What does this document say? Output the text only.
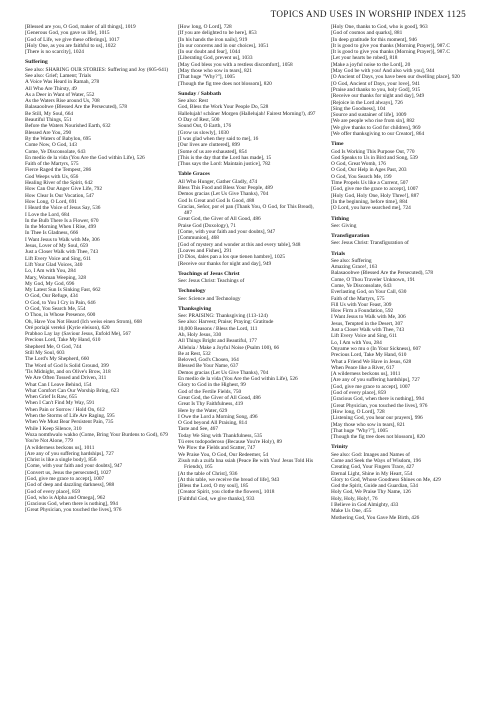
TOPICS AND USES IN WORSHIP INDEX 1125

[Blessed are you, O God, maker of all things], 1019

[Generous God, you gave us life], 1015

[God of Life, we give these offerings], 1017

[Holy One, as you are faithful to us], 1022

[There is no scarcity], 1024

Suffering

See also: SHARING OUR STORIES: Suffering and Joy (605-641)

See also: Grief; Lament; Trials

A Voice Was Heard in Ramah, 278

All Who Are Thirsty, 49

As a Deer in Want of Water, 552

As the Waters Rise around Us, 708

Balasaoobwe (Blessed Are the Persecuted), 578

Be Still, My Soul, 664

Beautiful Things, 551

Before the Waters Nourished Earth, 632

Blessed Are You, 290

By the Waters of Babylon, 695

Come Now, O God, 143

Come, Ye Disconsolate, 643

En medio de la vida (You Are the God within Life), 526

Faith of the Martyrs, 575

Fierce Raged the Tempest, 286

God Weeps with Us, 656

Healing River of the Spirit, 642

How Can Our Anger Give Life, 792

How Clear Is Our Vocation, 547

How Long, O Lord, 691

I Heard the Voice of Jesus Say, 536

I Love the Lord, 684

In the Bulb There Is a Flower, 670

In the Morning When I Rise, 499

In Thee Is Gladness, 666

I Want Jesus to Walk with Me, 306

Jesus, Lover of My Soul, 659

Just a Closer Walk with Thee, 743

Lift Every Voice and Sing, 611

Lift Your Glad Voices, 340

Lo, I Am with You, 284

Mary, Woman Weeping, 328

My God, My God, 696

My Latest Sun Is Sinking Fast, 662

O God, Our Refuge, 434

O God, to You I Cry in Pain, 646

O God, You Search Me, 554

O Thou, in Whose Presence, 600

Oh, Have You Not Heard (Ich weiss einen Strom), 668

Oré poriajú verekó (Kyrie eleison), 620

Prabhoo Lay lay (Saviour Jesus, Enfold Me), 567

Precious Lord, Take My Hand, 610

Shepherd Me, O God, 744

Still My Soul, 603

The Lord's My Shepherd, 660

The Word of God Is Solid Ground, 399

'Tis Midnight, and on Olive's Brow, 318

We Are Often Tossed and Driven, 311

What Can I Leave Behind, 154

What Comfort Can Our Worship Bring, 623

When Grief Is Raw, 655

When I Can't Find My Way, 591

When Pain or Sorrow / Hold On, 612

When the Storms of Life Are Raging, 595

When We Must Bear Persistent Pain, 735

While I Keep Silence, 310

Woza nomthwalo wakho (Come, Bring Your Burdens to God), 679

You're Not Alone, 779

[A wilderness beckons us], 1011

[Are any of you suffering hardships], 727

[Christ is like a single body], 856

[Come, with your faith and your doubts], 947

[Convert us, Jesus the persecuted], 1027

[God, give me grace to accept], 1007

[God of deep and dazzling darkness], 988

[God of every place], 859

[God, who is Alpha and Omega], 962

[Gracious God, when there is nothing], 994

[Great Physician, you touched the lives], 976

[How long, O Lord], 728

[If you are delighted to be here], 853

[In his hands the iron nails], 919

[In our concerns and in our choices], 1051

[In our doubt and fear], 1044

[Liberating God, prevent us], 1033

[May God bless you with a restless discomfort], 1058

[May those who sow in tears], 821

[That huge "Why?"], 1005

[Though the fig tree does not blossom], 820

Sunday / Sabbath

See also: Rest

God, Bless the Work Your People Do, 528

Hallelujah! schöner Morgen (Hallelujah! Fairest Morning!), 497

O Day of Rest, 500

Sound Out, O Earth, 176

[Grow us slowly], 1030

[I was glad when they said to me], 16

[Our lives are cluttered], 899

[Some of us are exhausted], 854

[This is the day that the Lord has made], 15

[Thus says the Lord: Maintain justice], 782

Table Graces

All Who Hunger, Gather Gladly, 474

Bless This Food and Bless Your People, 489

Demos gracias (Let Us Give Thanks), 704

God Is Great and God Is Good, 488

Gracias, Señor, por el pan (Thank You, O God, for This Bread), 487

Great God, the Giver of All Good, 486

Praise God (Doxology), 71

[Come, with your faith and your doubts], 947

[Communion], 468

[God of mystery and wonder at this and every table], 948

[Loaves and Fishes], 291

[O Dios, dales pan a los que tienen hambre], 1025

[Receive our thanks for night and day], 949

Teachings of Jesus Christ

See: Jesus Christ: Teachings of

Technology

See: Science and Technology

Thanksgiving

See: PRAISING: Thanksgiving (113-124)

See also: Harvest; Praise; Praying: Gratitude

10,000 Reasons / Bless the Lord, 111

Ah, Holy Jesus, 330

All Things Bright and Beautiful, 177

Alleluia / Make a Joyful Noise (Psalm 100), 66

Be at Rest, 532

Beloved, God's Chosen, 164

Blessed Be Your Name, 637

Demos gracias (Let Us Give Thanks), 704

En medio de la vida (You Are the God within Life), 526

Glory to God in the Highest, 99

God of the Fertile Fields, 750

Great God, the Giver of All Good, 486

Great Is Thy Faithfulness, 419

Here by the Water, 629

I Owe the Lord a Morning Song, 496

O God beyond All Praising, 814

Taste and See, 467

Today We Sing with Thankfulness, 535

Tú eres todopoderoso (Because You're Holy), 89

We Plow the Fields and Scatter, 747

We Praise You, O God, Our Redeemer, 54

Zisuh ruh a zuifa hna ssiah (Peace Be with You! Jesus Told His Friends), 165

[At the table of Christ], 936

[At this table, we receive the bread of life], 943

[Bless the Lord, O my soul], 185

[Creator Spirit, you clothe the flowers], 1018

[Faithful God, we give thanks], 933

[Holy One, thanks to God, who is good], 963

[God of cosmos and quarks], 881

[In deep gratitude for this moment], 946

[It is good to give you thanks (Morning Prayer)], 987.C

[It is good to give you thanks (Morning Prayer)], 987.C

[Let your hearts be robed], 818

[Make a joyful noise to the Lord], 20

[May God be with you! And also with you], 944

[O Ancient of Days, you have been our dwelling place], 920

[O God, Ancient of Days, your love], 941

[Praise and thanks to you, holy God], 915

[Receive our thanks for night and day], 949

[Rejoice in the Lord always], 726

[Sing the Goodness], 104

[Source and sustainer of life], 1009

[We are people who rise from sin], 882

[We give thanks to God for children], 969

[We offer thanksgiving to our Creator], 864

Time

God Is Working This Purpose Out, 770

God Speaks to Us in Bird and Song, 539

O God, Great Womb, 176

O God, Our Help in Ages Past, 203

O God, You Search Me, 199

Time Propels Us like a Current, 507

[God, give me the grace to accept], 1007

[Holy God, Holy One, Holy Three!], 887

[In the beginning, before time], 884

[O Lord, you have searched me], 724

Tithing

See: Giving

Transfiguration

See: Jesus Christ: Transfiguration of

Trials

See also: Suffering

Amazing Grace!, 163

Balasaoobwe (Blessed Are the Persecuted), 578

Come, O Thou Traveler Unknown, 191

Come, Ye Disconsolate, 643

Everlasting God, on Your Call, 630

Faith of the Martyrs, 575

Fill Us with Your Feast, 309

How Firm a Foundation, 592

I Want Jesus to Walk with Me, 306

Jesus, Tempted in the Desert, 307

Just a Closer Walk with Thee, 743

Lift Every Voice and Sing, 611

Lo, I Am with You, 284

Onyame wo mu o (In Your Sickness), 607

Precious Lord, Take My Hand, 610

What a Friend We Have in Jesus, 628

When Peace like a River, 617

[A wilderness beckons us], 1011

[Are any of you suffering hardships], 727

[God, give me grace to accept], 1007

[God of every place], 859

[Gracious God, when there is nothing], 994

[Great Physician, you touched the lives], 976

[How long, O Lord], 728

[Listening God, you hear our prayers], 996

[May those who sow in tears], 821

[That huge "Why?"], 1005

[Though the fig tree does not blossom], 820

Trinity

See also: God: Images and Names of

Come and Seek the Ways of Wisdom, 196

Creating God, Your Fingers Trace, 427

Eternal Light, Shine in My Heart, 554

Glory to God, Whose Goodness Shines on Me, 429

God the Spirit, Guide and Guardian, 534

Holy God, We Praise Thy Name, 126

Holy, Holy, Holy!, 76

I Believe in God Almighty, 433

Make Us One, 455

Mothering God, You Gave Me Birth, 426
